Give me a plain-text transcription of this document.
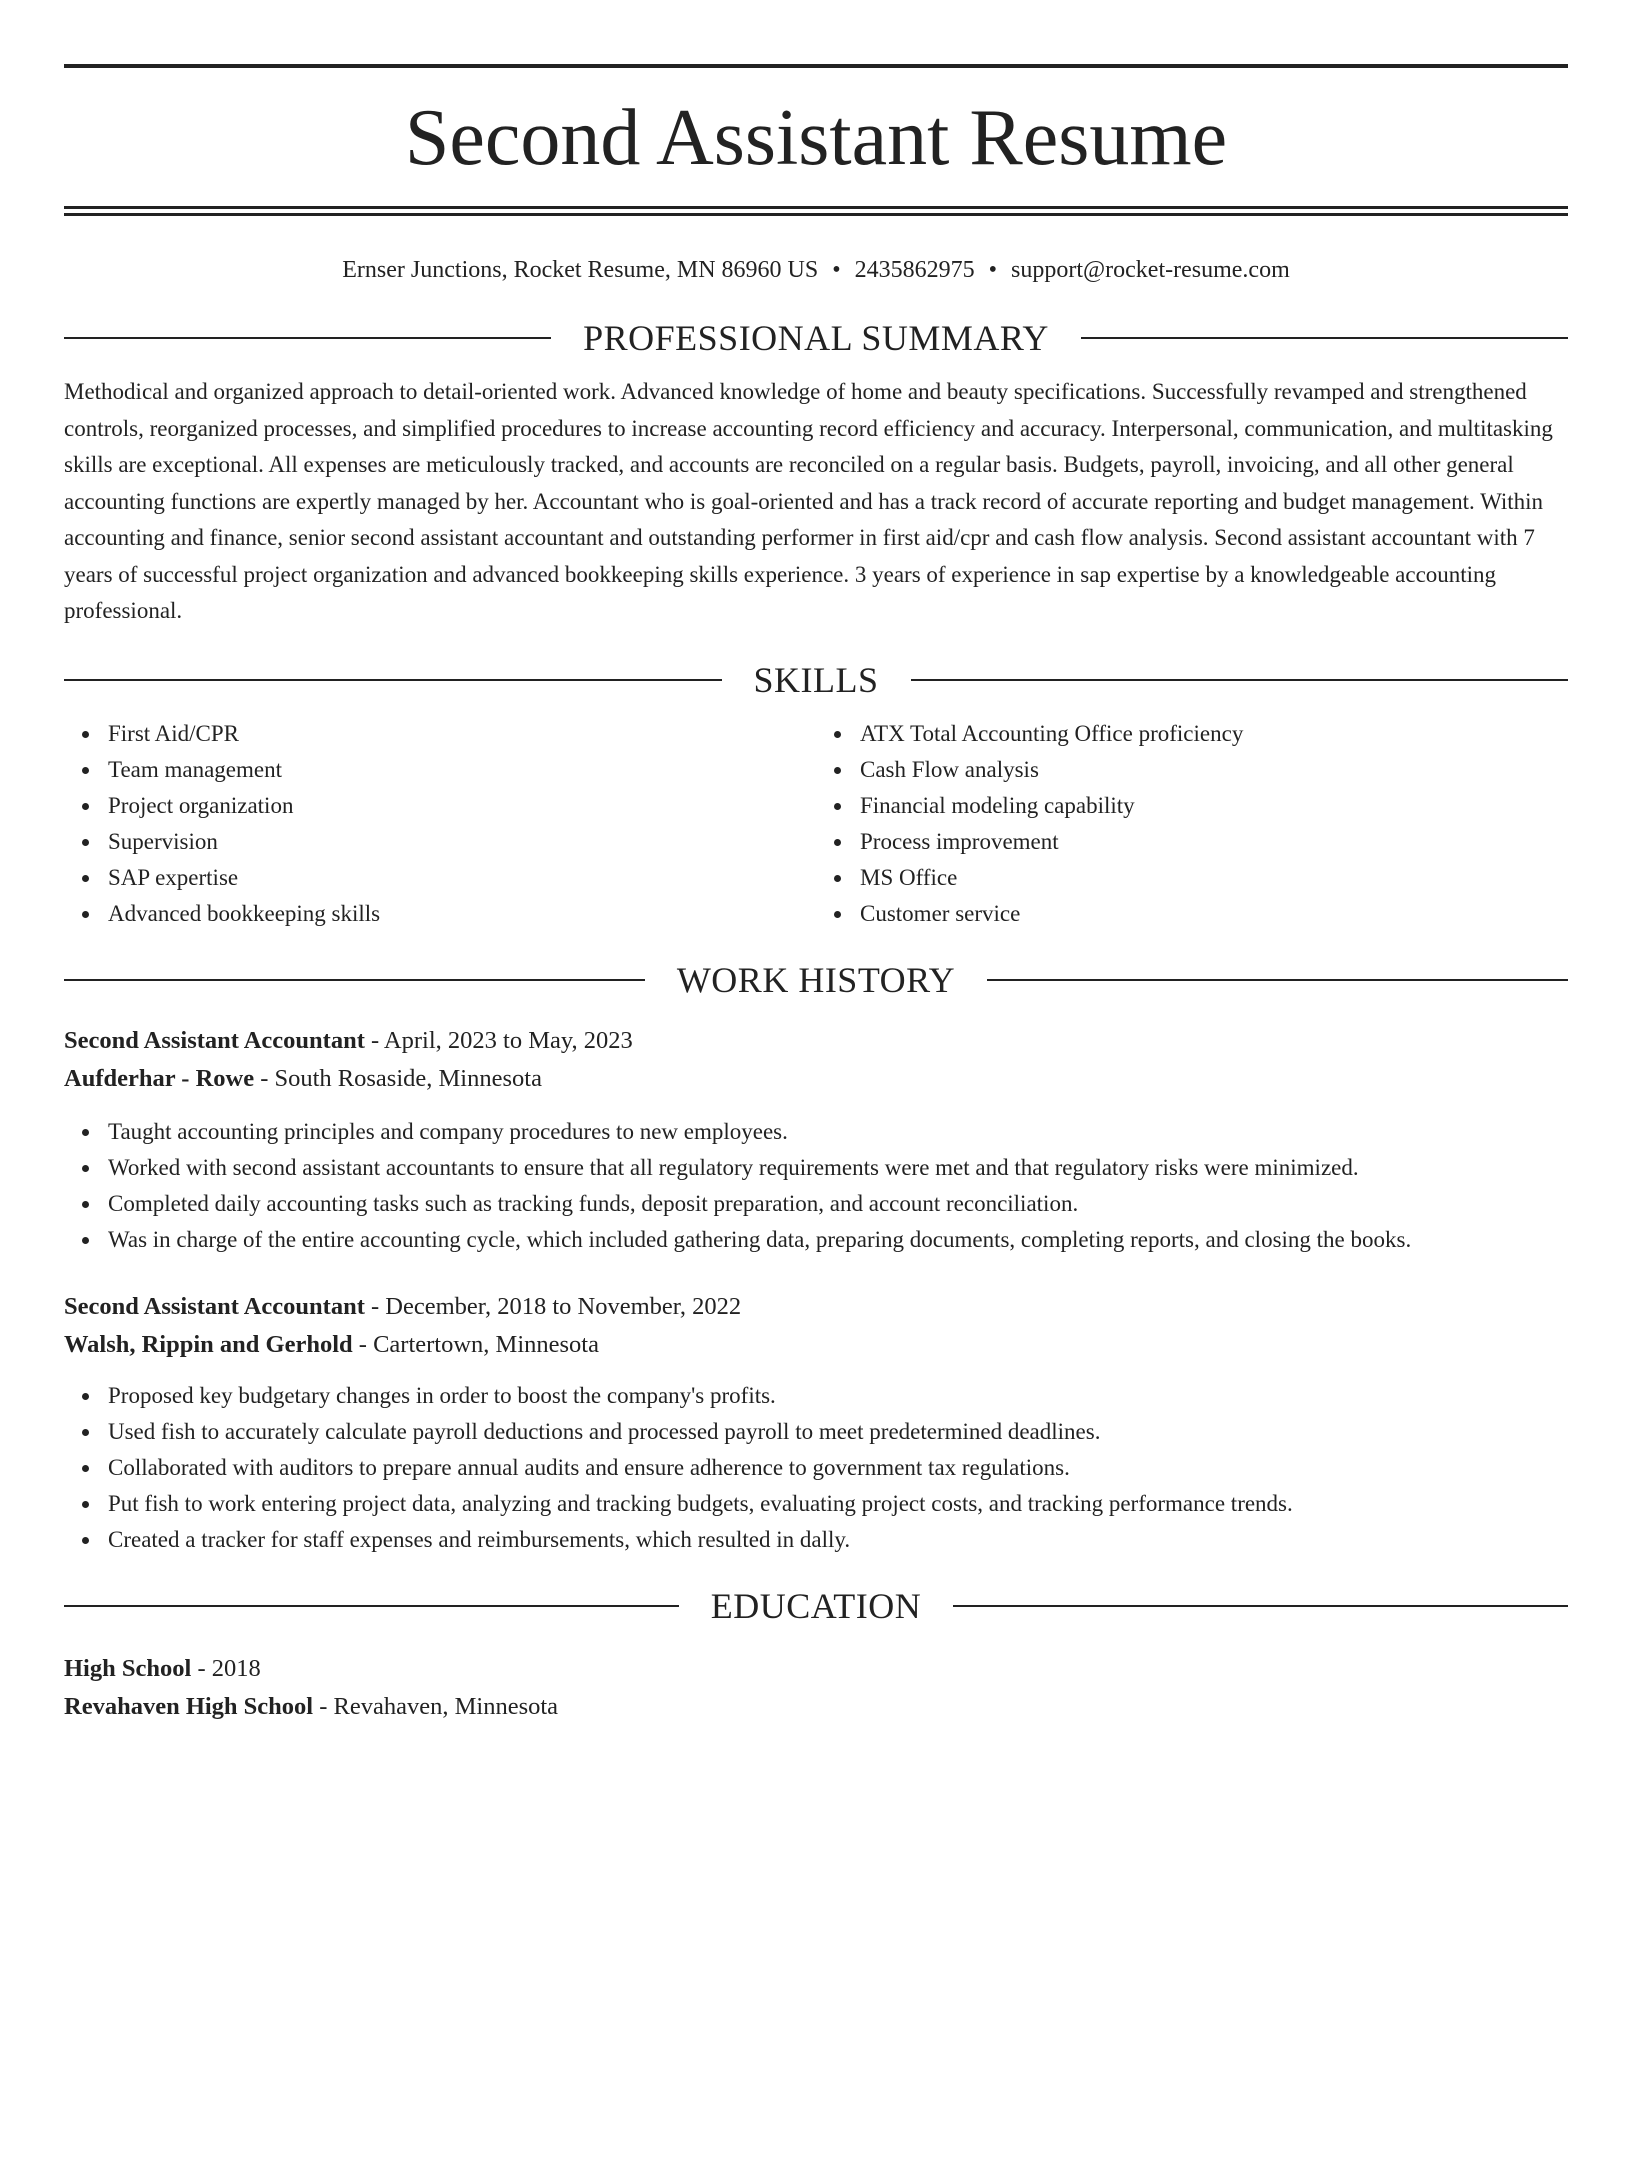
Second Assistant Resume
Ernser Junctions, Rocket Resume, MN 86960 US • 2435862975 • support@rocket-resume.com
PROFESSIONAL SUMMARY

Methodical and organized approach to detail-oriented work. Advanced knowledge of home and beauty specifications. Successfully revamped and strengthened controls, reorganized processes, and simplified procedures to increase accounting record efficiency and accuracy. Interpersonal, communication, and multitasking skills are exceptional. All expenses are meticulously tracked, and accounts are reconciled on a regular basis. Budgets, payroll, invoicing, and all other general accounting functions are expertly managed by her. Accountant who is goal-oriented and has a track record of accurate reporting and budget management. Within accounting and finance, senior second assistant accountant and outstanding performer in first aid/cpr and cash flow analysis. Second assistant accountant with 7 years of successful project organization and advanced bookkeeping skills experience. 3 years of experience in sap expertise by a knowledgeable accounting professional.

SKILLS
First Aid/CPR
Team management
Project organization
Supervision
SAP expertise
Advanced bookkeeping skills
ATX Total Accounting Office proficiency
Cash Flow analysis
Financial modeling capability
Process improvement
MS Office
Customer service
WORK HISTORY
Second Assistant Accountant - April, 2023 to May, 2023
Aufderhar - Rowe - South Rosaside, Minnesota
Taught accounting principles and company procedures to new employees.
Worked with second assistant accountants to ensure that all regulatory requirements were met and that regulatory risks were minimized.
Completed daily accounting tasks such as tracking funds, deposit preparation, and account reconciliation.
Was in charge of the entire accounting cycle, which included gathering data, preparing documents, completing reports, and closing the books.
Second Assistant Accountant - December, 2018 to November, 2022
Walsh, Rippin and Gerhold - Cartertown, Minnesota
Proposed key budgetary changes in order to boost the company's profits.
Used fish to accurately calculate payroll deductions and processed payroll to meet predetermined deadlines.
Collaborated with auditors to prepare annual audits and ensure adherence to government tax regulations.
Put fish to work entering project data, analyzing and tracking budgets, evaluating project costs, and tracking performance trends.
Created a tracker for staff expenses and reimbursements, which resulted in dally.
EDUCATION
High School - 2018
Revahaven High School - Revahaven, Minnesota
